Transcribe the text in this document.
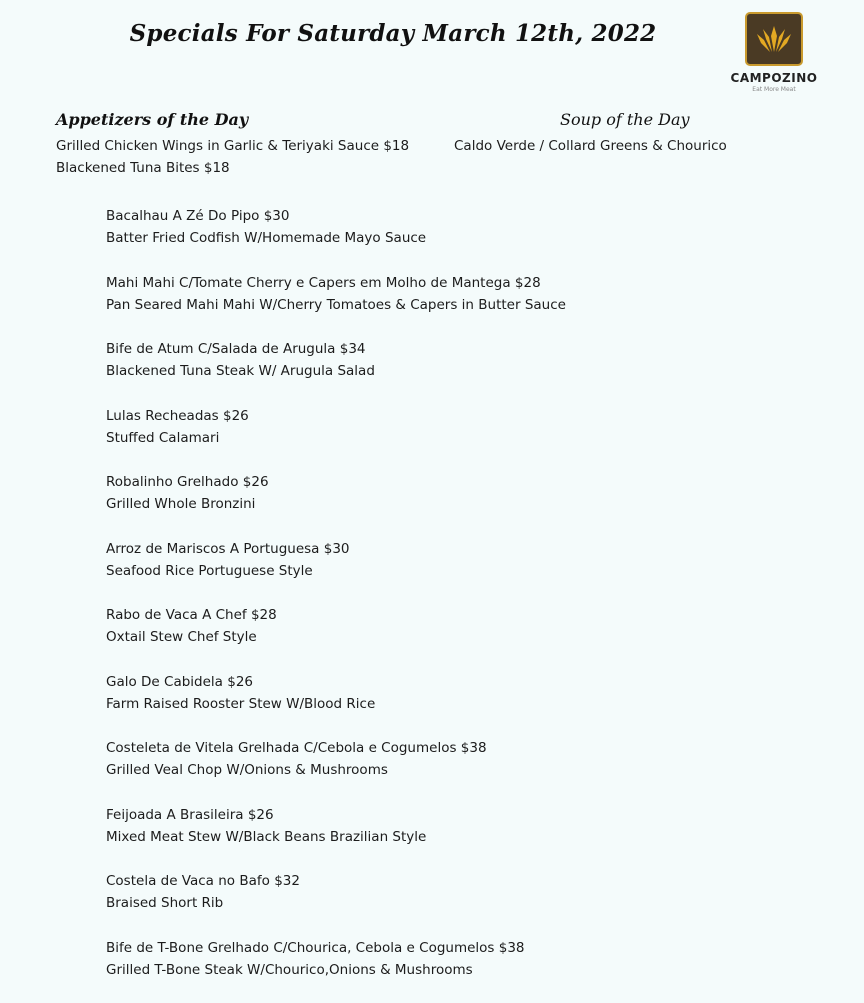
Specials For Saturday March 12th, 2022
CAMPOZINO
Eat More Meat
Appetizers of the Day	Soup of the Day
Grilled Chicken Wings in Garlic & Teriyaki Sauce $18
Blackened Tuna Bites $18
Caldo Verde / Collard Greens & Chourico
Bacalhau A Zé Do Pipo $30
Batter Fried Codfish W/Homemade Mayo Sauce
Mahi Mahi C/Tomate Cherry e Capers em Molho de Mantega $28
Pan Seared Mahi Mahi W/Cherry Tomatoes & Capers in Butter Sauce
Bife de Atum C/Salada de Arugula $34
Blackened Tuna Steak W/ Arugula Salad
Lulas Recheadas $26
Stuffed Calamari
Robalinho Grelhado $26
Grilled Whole Bronzini
Arroz de Mariscos A Portuguesa $30
Seafood Rice Portuguese Style
Rabo de Vaca A Chef $28
Oxtail Stew Chef Style
Galo De Cabidela $26
Farm Raised Rooster Stew W/Blood Rice
Costeleta de Vitela Grelhada C/Cebola e Cogumelos $38
Grilled Veal Chop W/Onions & Mushrooms
Feijoada A Brasileira $26
Mixed Meat Stew W/Black Beans Brazilian Style
Costela de Vaca no Bafo $32
Braised Short Rib
Bife de T-Bone Grelhado C/Chourica, Cebola e Cogumelos $38
Grilled T-Bone Steak W/Chourico,Onions & Mushrooms
